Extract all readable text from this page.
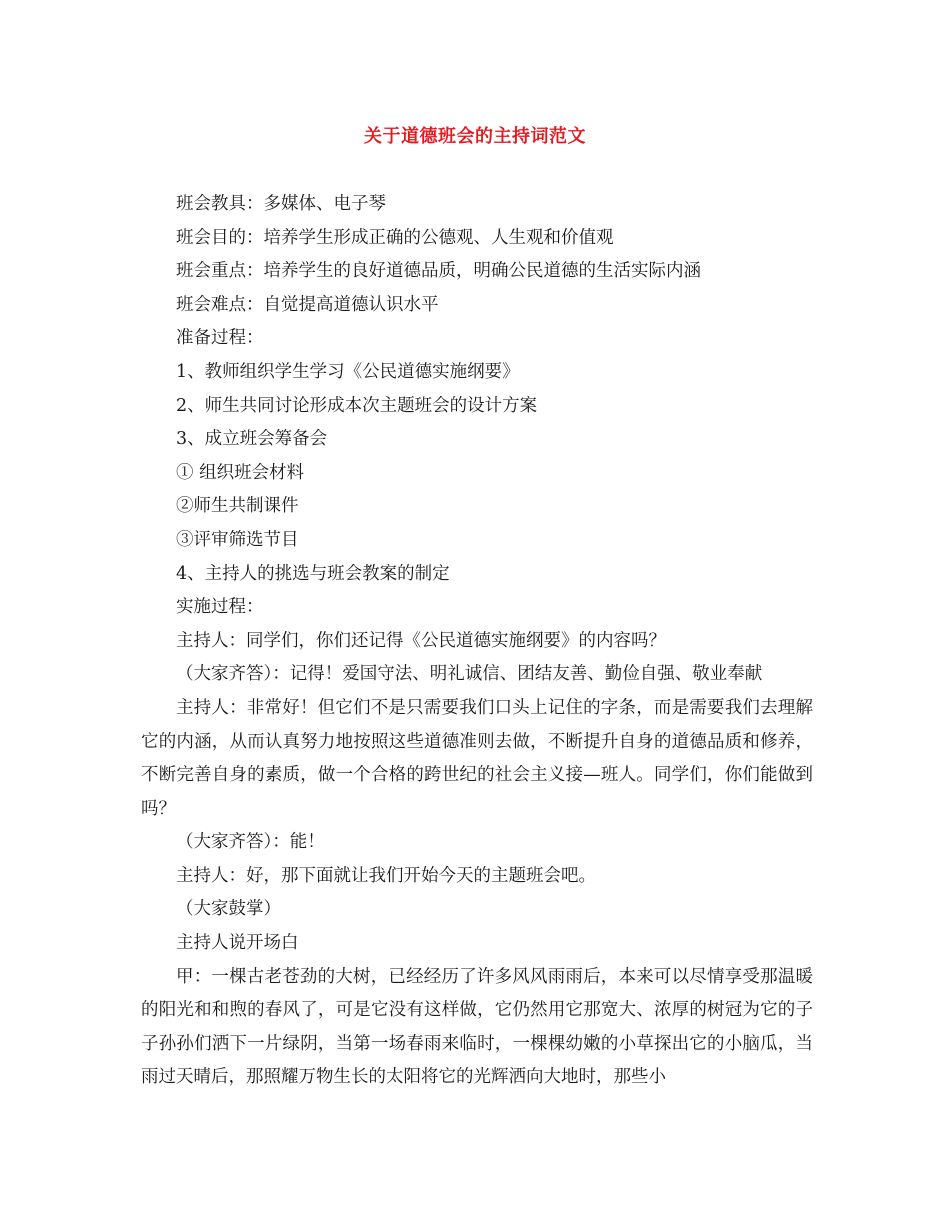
关于道德班会的主持词范文

班会教具：多媒体、电子琴

班会目的：培养学生形成正确的公德观、人生观和价值观

班会重点：培养学生的良好道德品质，明确公民道德的生活实际内涵

班会难点：自觉提高道德认识水平

准备过程：

1、教师组织学生学习《公民道德实施纲要》

2、师生共同讨论形成本次主题班会的设计方案

3、成立班会筹备会

① 组织班会材料

②师生共制课件

③评审筛选节目

4、主持人的挑选与班会教案的制定

实施过程：

主持人：同学们，你们还记得《公民道德实施纲要》的内容吗？

（大家齐答）：记得！爱国守法、明礼诚信、团结友善、勤俭自强、敬业奉献

主持人：非常好！但它们不是只需要我们口头上记住的字条，而是需要我们去理解它的内涵，从而认真努力地按照这些道德准则去做，不断提升自身的道德品质和修养，不断完善自身的素质，做一个合格的跨世纪的社会主义接—班人。同学们，你们能做到吗？

（大家齐答）：能！

主持人：好，那下面就让我们开始今天的主题班会吧。

（大家鼓掌）

主持人说开场白

甲：一棵古老苍劲的大树，已经经历了许多风风雨雨后，本来可以尽情享受那温暖的阳光和和煦的春风了，可是它没有这样做，它仍然用它那宽大、浓厚的树冠为它的子子孙孙们洒下一片绿阴，当第一场春雨来临时，一棵棵幼嫩的小草探出它的小脑瓜，当雨过天晴后，那照耀万物生长的太阳将它的光辉洒向大地时，那些小
